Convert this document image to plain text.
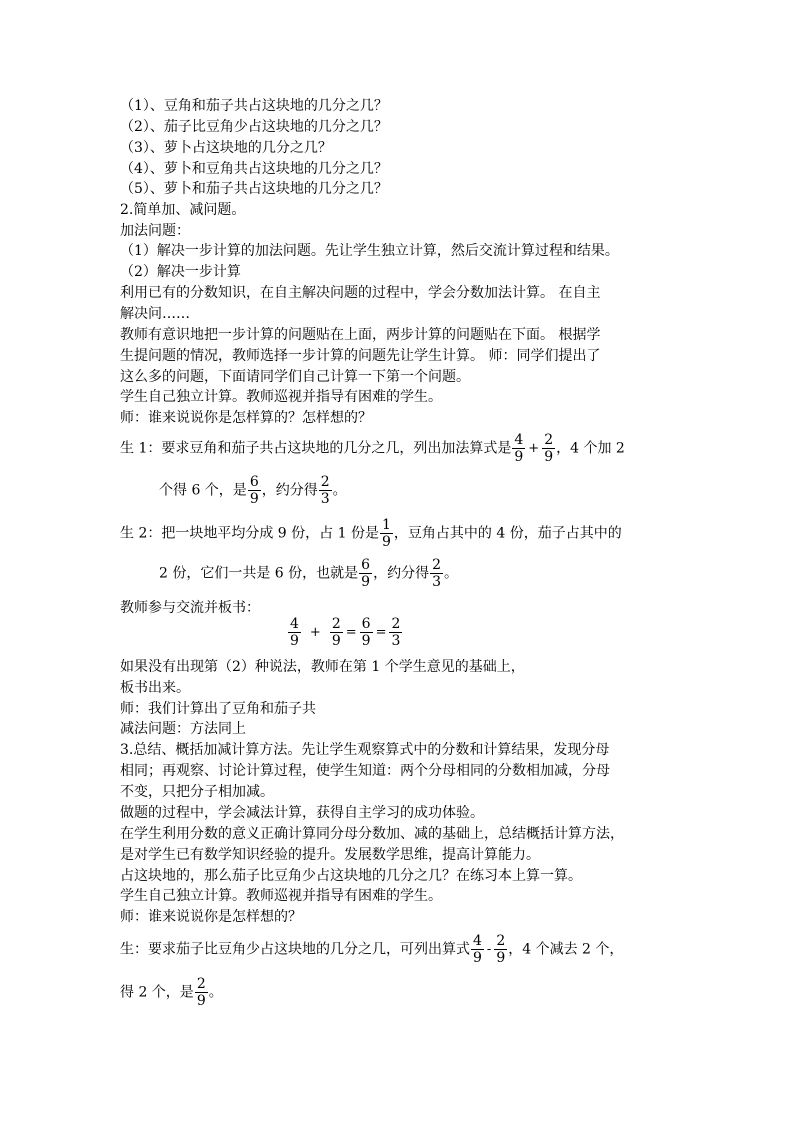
（1）、豆角和茄子共占这块地的几分之几？
（2）、茄子比豆角少占这块地的几分之几？
（3）、萝卜占这块地的几分之几？
（4）、萝卜和豆角共占这块地的几分之几？
（5）、萝卜和茄子共占这块地的几分之几？
2.简单加、减问题。
加法问题：
（1）解决一步计算的加法问题。先让学生独立计算，然后交流计算过程和结果。
（2）解决一步计算
利用已有的分数知识，在自主解决问题的过程中，学会分数加法计算。 在自主
解决问……
教师有意识地把一步计算的问题贴在上面，两步计算的问题贴在下面。 根据学
生提问题的情况，教师选择一步计算的问题先让学生计算。 师：同学们提出了
这么多的问题，下面请同学们自己计算一下第一个问题。
学生自己独立计算。教师巡视并指导有困难的学生。
师：谁来说说你是怎样算的？怎样想的？
生 1：要求豆角和茄子共占这块地的几分之几，列出加法算式是 $\frac{4}{9} + \frac{2}{9}$ ，4 个加 2
个得 6 个，是 $\frac{6}{9}$ ，约分得 $\frac{2}{3}$ 。
生 2：把一块地平均分成 9 份，占 1 份是 $\frac{1}{9}$ ，豆角占其中的 4 份，茄子占其中的
2 份，它们一共是 6 份，也就是 $\frac{6}{9}$ ，约分得 $\frac{2}{3}$ 。
教师参与交流并板书：
$\frac{4}{9} + \frac{2}{9} = \frac{6}{9} = \frac{2}{3}$
如果没有出现第（2）种说法，教师在第 1 个学生意见的基础上，
板书出来。
师：我们计算出了豆角和茄子共
减法问题：方法同上
3.总结、概括加减计算方法。先让学生观察算式中的分数和计算结果，发现分母
相同；再观察、讨论计算过程，使学生知道：两个分母相同的分数相加减，分母
不变，只把分子相加减。
做题的过程中，学会减法计算，获得自主学习的成功体验。
在学生利用分数的意义正确计算同分母分数加、减的基础上，总结概括计算方法，
是对学生已有数学知识经验的提升。发展数学思维，提高计算能力。
占这块地的，那么茄子比豆角少占这块地的几分之几？在练习本上算一算。
学生自己独立计算。教师巡视并指导有困难的学生。
师：谁来说说你是怎样想的？
生：要求茄子比豆角少占这块地的几分之几，可列出算式 $\frac{4}{9} - \frac{2}{9}$ ，4 个减去 2 个，
得 2 个，是 $\frac{2}{9}$ 。
